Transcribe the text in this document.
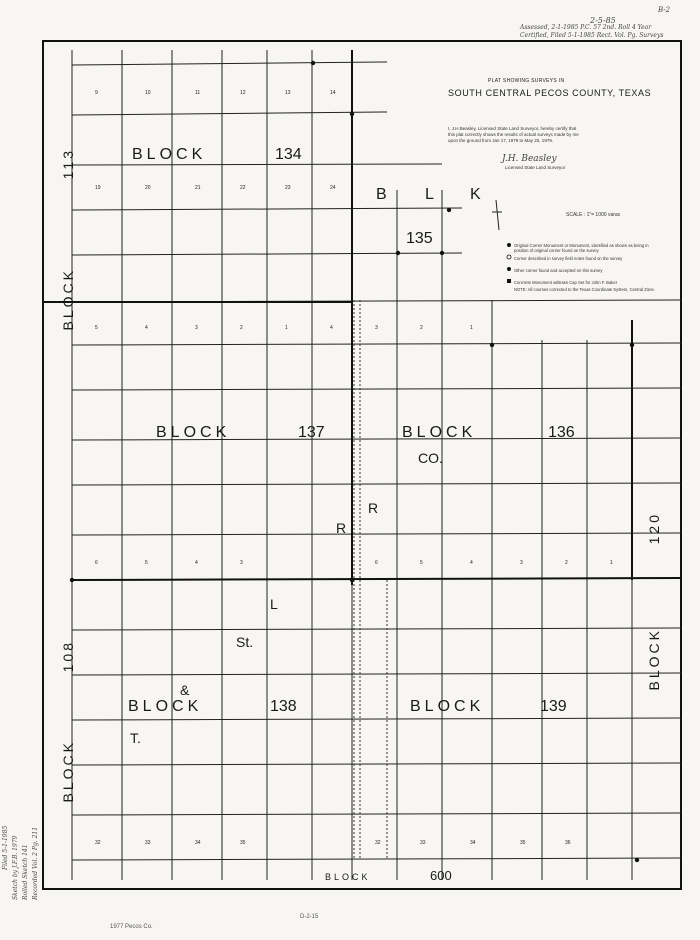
B-2
2-5-85
Assessed, 2-1-1985 P.C. 57 2nd. Roll 4 Year
Certified, Filed 5-1-1985 Rect. Vol. Pg. Surveys
PLAT SHOWING SURVEYS IN
SOUTH CENTRAL PECOS COUNTY, TEXAS
I, J.H.Beasley, Licensed State Land Surveyor, hereby certify that
this plat correctly shows the results of actual surveys made by me
upon the ground from Jan 17, 1979 to May 25, 1979.
J.H. Beasley
Licensed State Land Surveyor
SCALE : 1"= 1000 varas
Original Corner Monument or Monument, identified as shown as being in position of original corner found on the survey
Corner described in survey field notes found on the survey
Other corner found and accepted on this survey
Concrete Monument w/Brass Cap Set for John F. Baker
NOTE: All courses corrected to the Texas Coordinate System, Central Zone.
BLOCK	134
B L K
135
BLOCK	137	BLOCK	136
BLOCK	138	BLOCK	139
113
BLOCK
108
BLOCK
120
BLOCK
BLOCK	600
CO.
R
R
L
St.
&
T.
9	10	11	12	13	14
19	20	21	22	23	24
5	4	3	2	1	4	3	2	1
6	5	4	3	6	5	4	3	2	1
32	33	34	35	32	33	34	35	36
D-2-15
1977 Pecos Co.
Filed 5-1-1985 Sketch by J.F.B. 1979 Rolled Sketch 141 Recorded Vol. 2 Pg. 211
